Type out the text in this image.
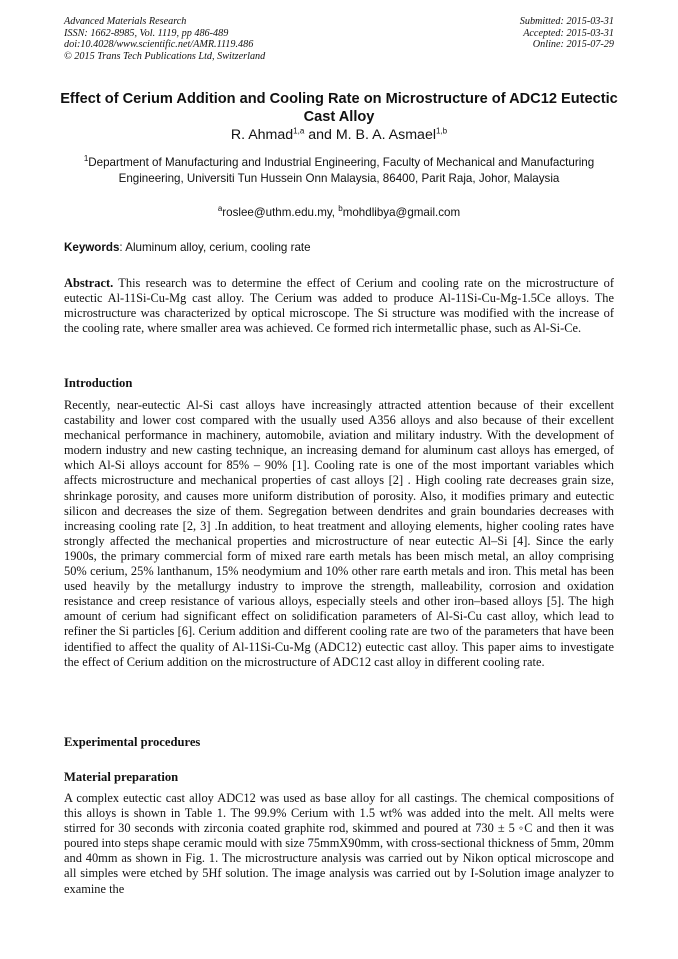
Advanced Materials Research
ISSN: 1662-8985, Vol. 1119, pp 486-489
doi:10.4028/www.scientific.net/AMR.1119.486
© 2015 Trans Tech Publications Ltd, Switzerland
Submitted: 2015-03-31
Accepted: 2015-03-31
Online: 2015-07-29
Effect of Cerium Addition and Cooling Rate on Microstructure of ADC12 Eutectic Cast Alloy
R. Ahmad$^{1,a}$ and M. B. A. Asmael$^{1,b}$
$^1$Department of Manufacturing and Industrial Engineering, Faculty of Mechanical and Manufacturing Engineering, Universiti Tun Hussein Onn Malaysia, 86400, Parit Raja, Johor, Malaysia
$^a$roslee@uthm.edu.my, $^b$mohdlibya@gmail.com
Keywords: Aluminum alloy, cerium, cooling rate
Abstract. This research was to determine the effect of Cerium and cooling rate on the microstructure of eutectic Al-11Si-Cu-Mg cast alloy. The Cerium was added to produce Al-11Si-Cu-Mg-1.5Ce alloys. The microstructure was characterized by optical microscope. The Si structure was modified with the increase of the cooling rate, where smaller area was achieved. Ce formed rich intermetallic phase, such as Al-Si-Ce.
Introduction
Recently, near-eutectic Al-Si cast alloys have increasingly attracted attention because of their excellent castability and lower cost compared with the usually used A356 alloys and also because of their excellent mechanical performance in machinery, automobile, aviation and military industry. With the development of modern industry and new casting technique, an increasing demand for aluminum cast alloys has emerged, of which Al-Si alloys account for 85% – 90% [1]. Cooling rate is one of the most important variables which affects microstructure and mechanical properties of cast alloys [2] . High cooling rate decreases grain size, shrinkage porosity, and causes more uniform distribution of porosity. Also, it modifies primary and eutectic silicon and decreases the size of them. Segregation between dendrites and grain boundaries decreases with increasing cooling rate [2, 3] .In addition, to heat treatment and alloying elements, higher cooling rates have strongly affected the mechanical properties and microstructure of near eutectic Al–Si [4]. Since the early 1900s, the primary commercial form of mixed rare earth metals has been misch metal, an alloy comprising 50% cerium, 25% lanthanum, 15% neodymium and 10% other rare earth metals and iron. This metal has been used heavily by the metallurgy industry to improve the strength, malleability, corrosion and oxidation resistance and creep resistance of various alloys, especially steels and other iron–based alloys [5]. The high amount of cerium had significant effect on solidification parameters of Al-Si-Cu cast alloy, which lead to refiner the Si particles [6]. Cerium addition and different cooling rate are two of the parameters that have been identified to affect the quality of Al-11Si-Cu-Mg (ADC12) eutectic cast alloy. This paper aims to investigate the effect of Cerium addition on the microstructure of ADC12 cast alloy in different cooling rate.
Experimental procedures
Material preparation
A complex eutectic cast alloy ADC12 was used as base alloy for all castings. The chemical compositions of this alloys is shown in Table 1. The 99.9% Cerium with 1.5 wt% was added into the melt. All melts were stirred for 30 seconds with zirconia coated graphite rod, skimmed and poured at 730 ± 5 ◦C and then it was poured into steps shape ceramic mould with size 75mmX90mm, with cross-sectional thickness of 5mm, 20mm and 40mm as shown in Fig. 1. The microstructure analysis was carried out by Nikon optical microscope and all simples were etched by 5Hf solution. The image analysis was carried out by I-Solution image analyzer to examine the
